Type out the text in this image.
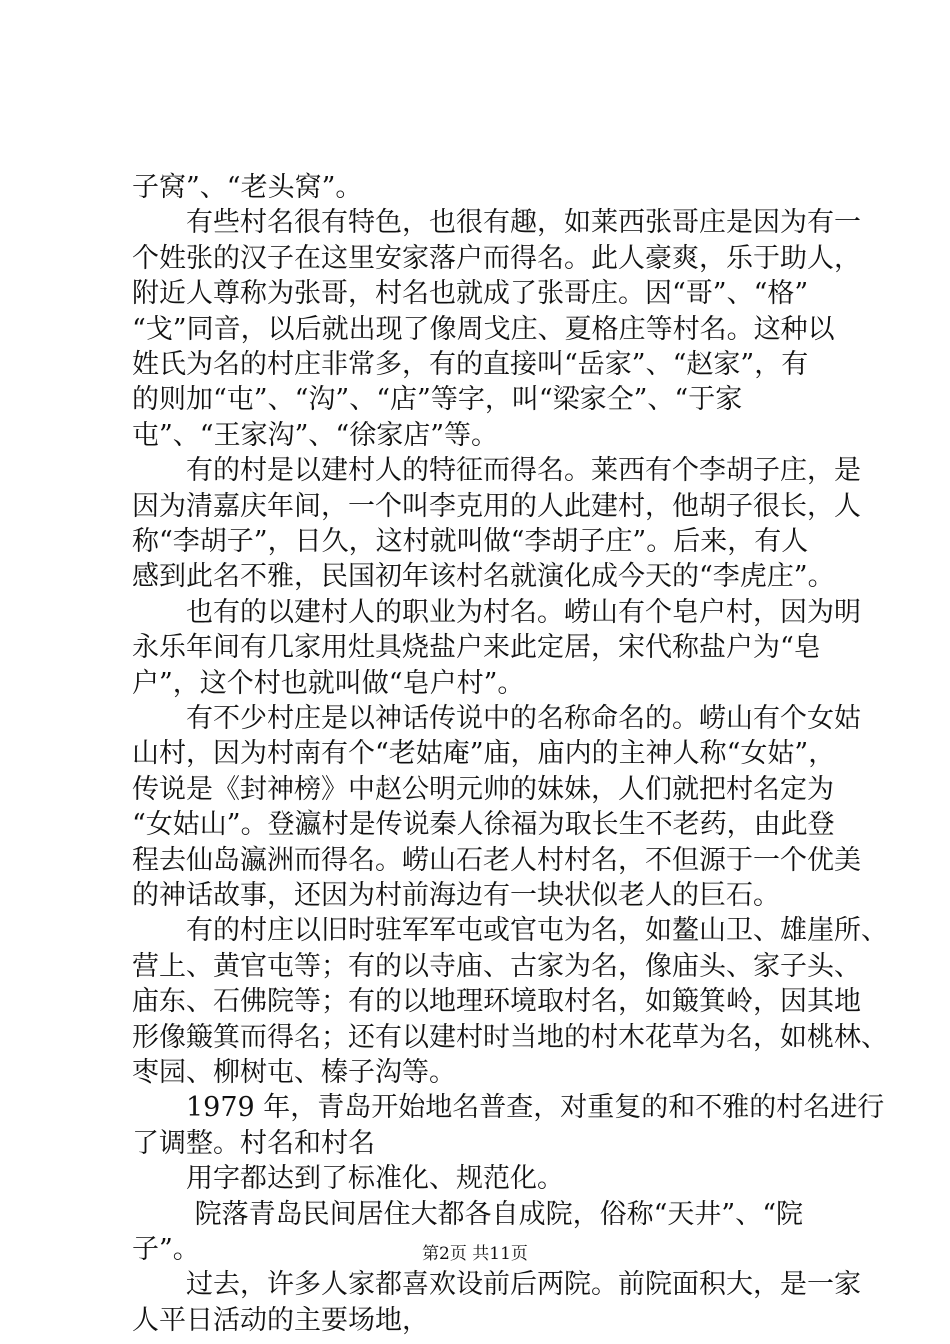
子窝”、“老头窝”。
　　有些村名很有特色，也很有趣，如莱西张哥庄是因为有一
个姓张的汉子在这里安家落户而得名。此人豪爽，乐于助人，
附近人尊称为张哥，村名也就成了张哥庄。因“哥”、“格”
“戈”同音，以后就出现了像周戈庄、夏格庄等村名。这种以
姓氏为名的村庄非常多，有的直接叫“岳家”、“赵家”，有
的则加“屯”、“沟”、“店”等字，叫“梁家仝”、“于家
屯”、“王家沟”、“徐家店”等。
　　有的村是以建村人的特征而得名。莱西有个李胡子庄，是
因为清嘉庆年间，一个叫李克用的人此建村，他胡子很长，人
称“李胡子”，日久，这村就叫做“李胡子庄”。后来，有人
感到此名不雅，民国初年该村名就演化成今天的“李虎庄”。
　　也有的以建村人的职业为村名。崂山有个皂户村，因为明
永乐年间有几家用灶具烧盐户来此定居，宋代称盐户为“皂
户”，这个村也就叫做“皂户村”。
　　有不少村庄是以神话传说中的名称命名的。崂山有个女姑
山村，因为村南有个“老姑庵”庙，庙内的主神人称“女姑”，
传说是《封神榜》中赵公明元帅的妹妹，人们就把村名定为
“女姑山”。登瀛村是传说秦人徐福为取长生不老药，由此登
程去仙岛瀛洲而得名。崂山石老人村村名，不但源于一个优美
的神话故事，还因为村前海边有一块状似老人的巨石。
　　有的村庄以旧时驻军军屯或官屯为名，如鳌山卫、雄崖所、
营上、黄官屯等；有的以寺庙、古家为名，像庙头、家子头、
庙东、石佛院等；有的以地理环境取村名，如簸箕岭，因其地
形像簸箕而得名；还有以建村时当地的村木花草为名，如桃林、
枣园、柳树屯、榛子沟等。
　　1979 年，青岛开始地名普查，对重复的和不雅的村名进行
了调整。村名和村名
　　用字都达到了标准化、规范化。
　　 院落青岛民间居住大都各自成院，俗称“天井”、“院
子”。
　　过去，许多人家都喜欢设前后两院。前院面积大，是一家
人平日活动的主要场地，
第2页 共11页
